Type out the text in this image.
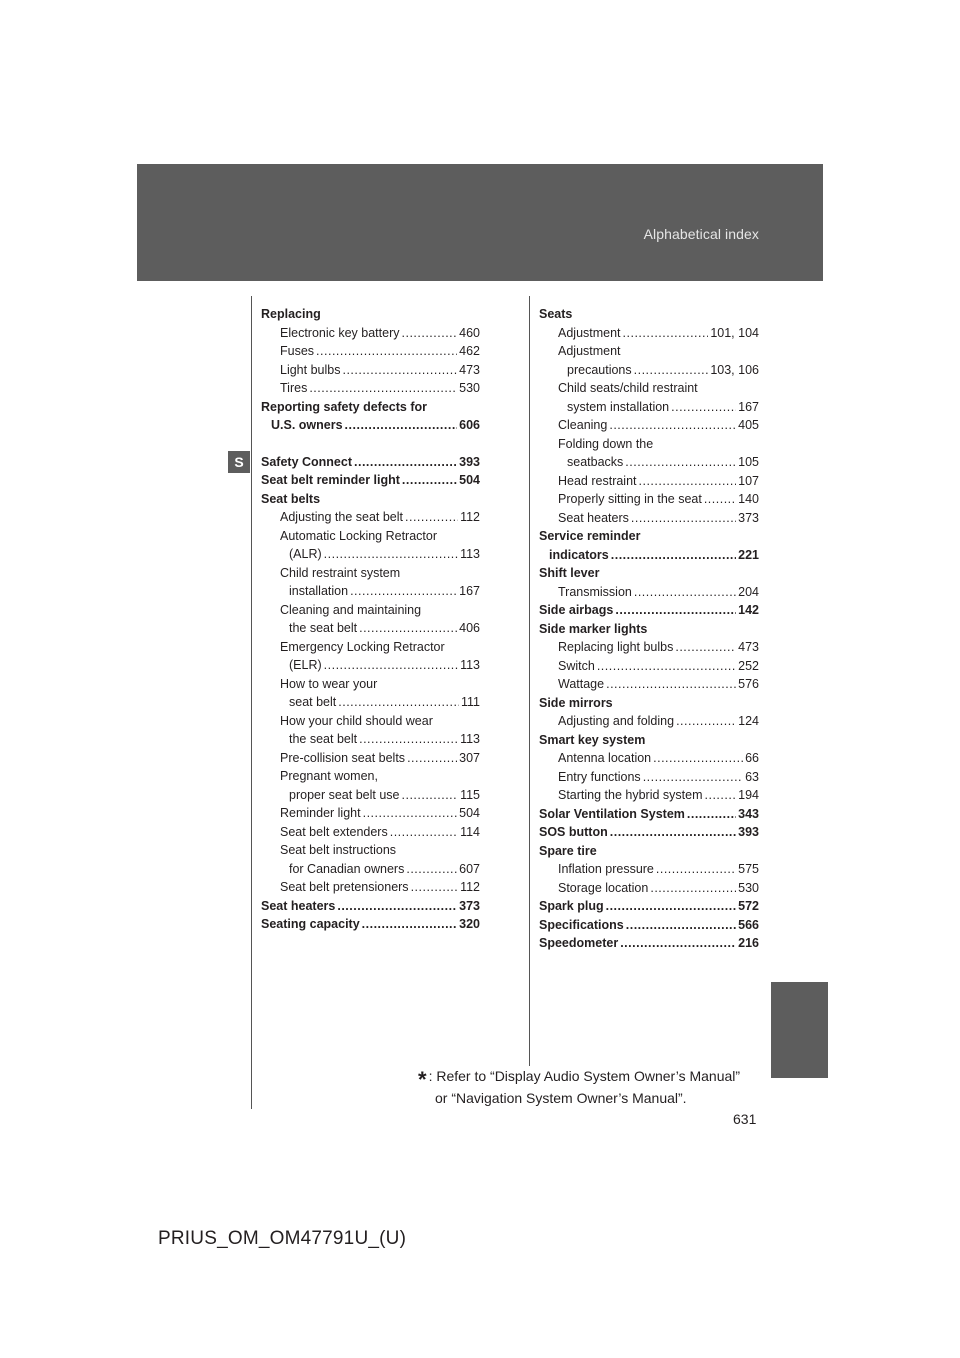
Alphabetical index
S
Replacing
Electronic key battery .....	460
Fuses .....	462
Light bulbs .....	473
Tires .....	530
Reporting safety defects for
U.S. owners .....	606
Safety Connect .....	393
Seat belt reminder light .....	504
Seat belts
Adjusting the seat belt .....	112
Automatic Locking Retractor
(ALR) .....	113
Child restraint system
installation .....	167
Cleaning and maintaining
the seat belt .....	406
Emergency Locking Retractor
(ELR) .....	113
How to wear your
seat belt .....	111
How your child should wear
the seat belt .....	113
Pre-collision seat belts .....	307
Pregnant women,
proper seat belt use .....	115
Reminder light .....	504
Seat belt extenders .....	114
Seat belt instructions
for Canadian owners .....	607
Seat belt pretensioners .....	112
Seat heaters .....	373
Seating capacity .....	320
Seats
Adjustment .....	101, 104
Adjustment
precautions .....	103, 106
Child seats/child restraint
system installation .....	167
Cleaning .....	405
Folding down the
seatbacks .....	105
Head restraint .....	107
Properly sitting in the seat .....	140
Seat heaters .....	373
Service reminder
indicators .....	221
Shift lever
Transmission .....	204
Side airbags .....	142
Side marker lights
Replacing light bulbs .....	473
Switch .....	252
Wattage .....	576
Side mirrors
Adjusting and folding .....	124
Smart key system
Antenna location .....	66
Entry functions .....	63
Starting the hybrid system .....	194
Solar Ventilation System .....	343
SOS button .....	393
Spare tire
Inflation pressure .....	575
Storage location .....	530
Spark plug .....	572
Specifications .....	566
Speedometer .....	216
* : Refer to “Display Audio System Owner’s Manual”
or “Navigation System Owner’s Manual”.
631
PRIUS_OM_OM47791U_(U)
